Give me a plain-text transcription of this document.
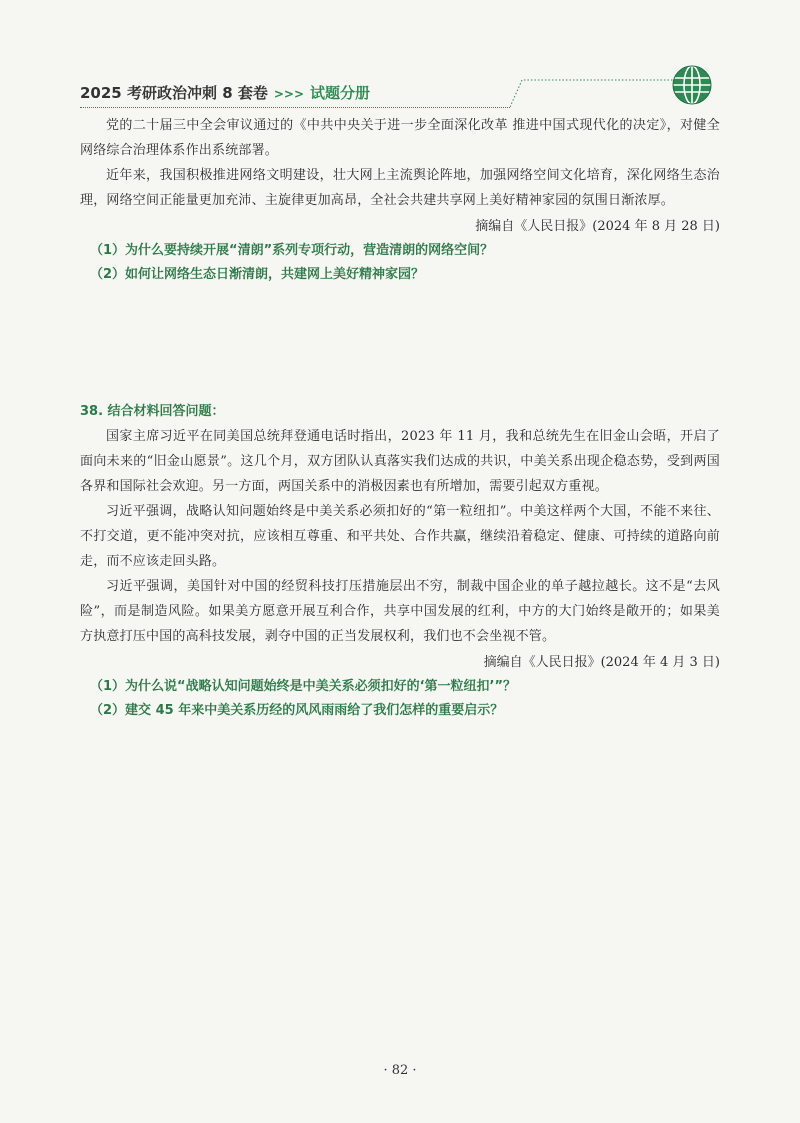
2025 考研政治冲刺 8 套卷 >>> 试题分册

党的二十届三中全会审议通过的《中共中央关于进一步全面深化改革 推进中国式现代化的决定》，对健全网络综合治理体系作出系统部署。

近年来，我国积极推进网络文明建设，壮大网上主流舆论阵地，加强网络空间文化培育，深化网络生态治理，网络空间正能量更加充沛、主旋律更加高昂，全社会共建共享网上美好精神家园的氛围日渐浓厚。

摘编自《人民日报》(2024 年 8 月 28 日)

（1）为什么要持续开展“清朗”系列专项行动，营造清朗的网络空间？

（2）如何让网络生态日渐清朗，共建网上美好精神家园？

38. 结合材料回答问题：

国家主席习近平在同美国总统拜登通电话时指出，2023 年 11 月，我和总统先生在旧金山会晤，开启了面向未来的“旧金山愿景”。这几个月，双方团队认真落实我们达成的共识，中美关系出现企稳态势，受到两国各界和国际社会欢迎。另一方面，两国关系中的消极因素也有所增加，需要引起双方重视。

习近平强调，战略认知问题始终是中美关系必须扣好的“第一粒纽扣”。中美这样两个大国，不能不来往、不打交道，更不能冲突对抗，应该相互尊重、和平共处、合作共赢，继续沿着稳定、健康、可持续的道路向前走，而不应该走回头路。

习近平强调，美国针对中国的经贸科技打压措施层出不穷，制裁中国企业的单子越拉越长。这不是“去风险”，而是制造风险。如果美方愿意开展互利合作，共享中国发展的红利，中方的大门始终是敞开的；如果美方执意打压中国的高科技发展，剥夺中国的正当发展权利，我们也不会坐视不管。

摘编自《人民日报》(2024 年 4 月 3 日)

（1）为什么说“战略认知问题始终是中美关系必须扣好的‘第一粒纽扣’”？

（2）建交 45 年来中美关系历经的风风雨雨给了我们怎样的重要启示？

· 82 ·
